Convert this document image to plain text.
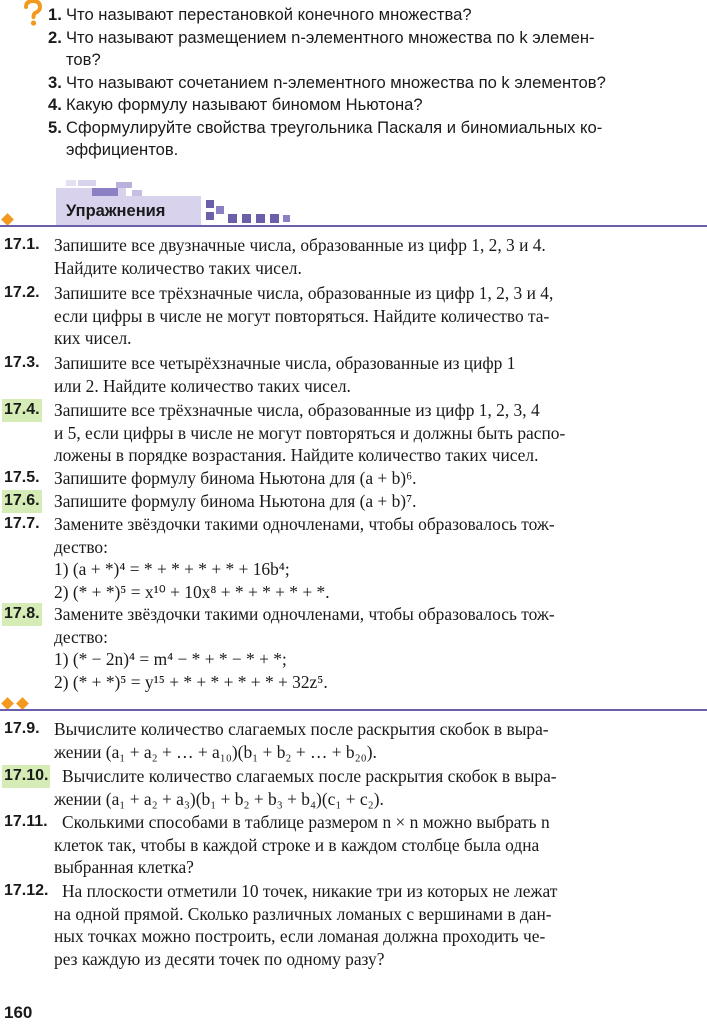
1. Что называют перестановкой конечного множества?
2. Что называют размещением n-элементного множества по k элемен-
тов?
3. Что называют сочетанием n-элементного множества по k элементов?
4. Какую формулу называют биномом Ньютона?
5. Сформулируйте свойства треугольника Паскаля и биномиальных ко-
эффициентов.
Упражнения
17.1. Запишите все двузначные числа, образованные из цифр 1, 2, 3 и 4.
Найдите количество таких чисел.
17.2. Запишите все трёхзначные числа, образованные из цифр 1, 2, 3 и 4,
если цифры в числе не могут повторяться. Найдите количество та-
ких чисел.
17.3. Запишите все четырёхзначные числа, образованные из цифр 1
или 2. Найдите количество таких чисел.
17.4. Запишите все трёхзначные числа, образованные из цифр 1, 2, 3, 4
и 5, если цифры в числе не могут повторяться и должны быть распо-
ложены в порядке возрастания. Найдите количество таких чисел.
17.5. Запишите формулу бинома Ньютона для (a + b)⁶.
17.6. Запишите формулу бинома Ньютона для (a + b)⁷.
17.7. Замените звёздочки такими одночленами, чтобы образовалось тож-
дество:
1) (a + *)⁴ = * + * + * + * + 16b⁴;
2) (* + *)⁵ = x¹⁰ + 10x⁸ + * + * + * + *.
17.8. Замените звёздочки такими одночленами, чтобы образовалось тож-
дество:
1) (* − 2n)⁴ = m⁴ − * + * − * + *;
2) (* + *)⁵ = y¹⁵ + * + * + * + * + 32z⁵.
17.9. Вычислите количество слагаемых после раскрытия скобок в выра-
жении (a₁ + a₂ + … + a₁₀)(b₁ + b₂ + … + b₂₀).
17.10. Вычислите количество слагаемых после раскрытия скобок в выра-
жении (a₁ + a₂ + a₃)(b₁ + b₂ + b₃ + b₄)(c₁ + c₂).
17.11. Сколькими способами в таблице размером n × n можно выбрать n
клеток так, чтобы в каждой строке и в каждом столбце была одна
выбранная клетка?
17.12. На плоскости отметили 10 точек, никакие три из которых не лежат
на одной прямой. Сколько различных ломаных с вершинами в дан-
ных точках можно построить, если ломаная должна проходить че-
рез каждую из десяти точек по одному разу?
160
